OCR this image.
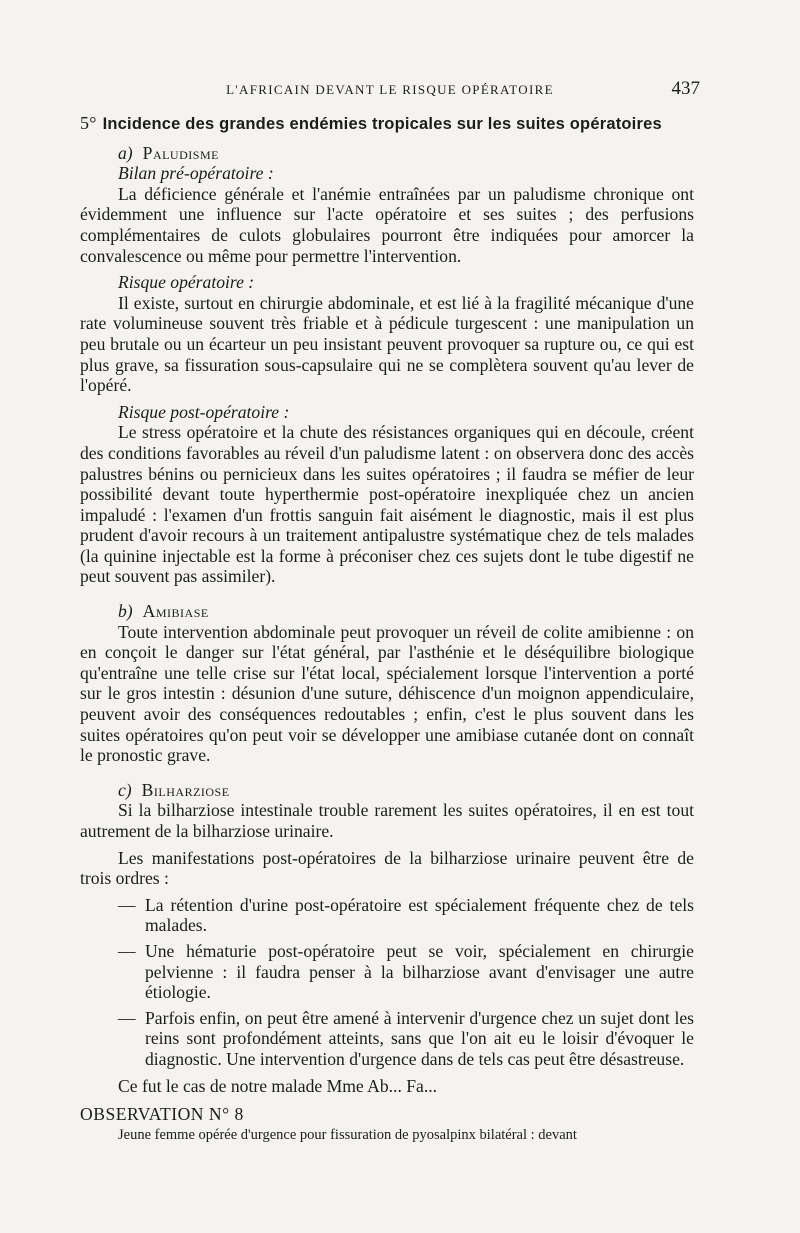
L'AFRICAIN DEVANT LE RISQUE OPÉRATOIRE	437
5° Incidence des grandes endémies tropicales sur les suites opératoires
a) Paludisme
Bilan pré-opératoire :

La déficience générale et l'anémie entraînées par un paludisme chronique ont évidemment une influence sur l'acte opératoire et ses suites ; des perfusions complémentaires de culots globulaires pourront être indiquées pour amorcer la convalescence ou même pour permettre l'intervention.

Risque opératoire :

Il existe, surtout en chirurgie abdominale, et est lié à la fragilité mécanique d'une rate volumineuse souvent très friable et à pédicule turgescent : une manipulation un peu brutale ou un écarteur un peu insistant peuvent provoquer sa rupture ou, ce qui est plus grave, sa fissuration sous-capsulaire qui ne se complètera souvent qu'au lever de l'opéré.

Risque post-opératoire :

Le stress opératoire et la chute des résistances organiques qui en découle, créent des conditions favorables au réveil d'un paludisme latent : on observera donc des accès palustres bénins ou pernicieux dans les suites opératoires ; il faudra se méfier de leur possibilité devant toute hyperthermie post-opératoire inexpliquée chez un ancien impaludé : l'examen d'un frottis sanguin fait aisément le diagnostic, mais il est plus prudent d'avoir recours à un traitement antipalustre systématique chez de tels malades (la quinine injectable est la forme à préconiser chez ces sujets dont le tube digestif ne peut souvent pas assimiler).

b) Amibiase

Toute intervention abdominale peut provoquer un réveil de colite amibienne : on en conçoit le danger sur l'état général, par l'asthénie et le déséquilibre biologique qu'entraîne une telle crise sur l'état local, spécialement lorsque l'intervention a porté sur le gros intestin : désunion d'une suture, déhiscence d'un moignon appendiculaire, peuvent avoir des conséquences redoutables ; enfin, c'est le plus souvent dans les suites opératoires qu'on peut voir se développer une amibiase cutanée dont on connaît le pronostic grave.

c) Bilharziose

Si la bilharziose intestinale trouble rarement les suites opératoires, il en est tout autrement de la bilharziose urinaire.

Les manifestations post-opératoires de la bilharziose urinaire peuvent être de trois ordres :

— La rétention d'urine post-opératoire est spécialement fréquente chez de tels malades.
— Une hématurie post-opératoire peut se voir, spécialement en chirurgie pelvienne : il faudra penser à la bilharziose avant d'envisager une autre étiologie.
— Parfois enfin, on peut être amené à intervenir d'urgence chez un sujet dont les reins sont profondément atteints, sans que l'on ait eu le loisir d'évoquer le diagnostic. Une intervention d'urgence dans de tels cas peut être désastreuse.

Ce fut le cas de notre malade Mme Ab... Fa...

OBSERVATION N° 8

Jeune femme opérée d'urgence pour fissuration de pyosalpinx bilatéral : devant
